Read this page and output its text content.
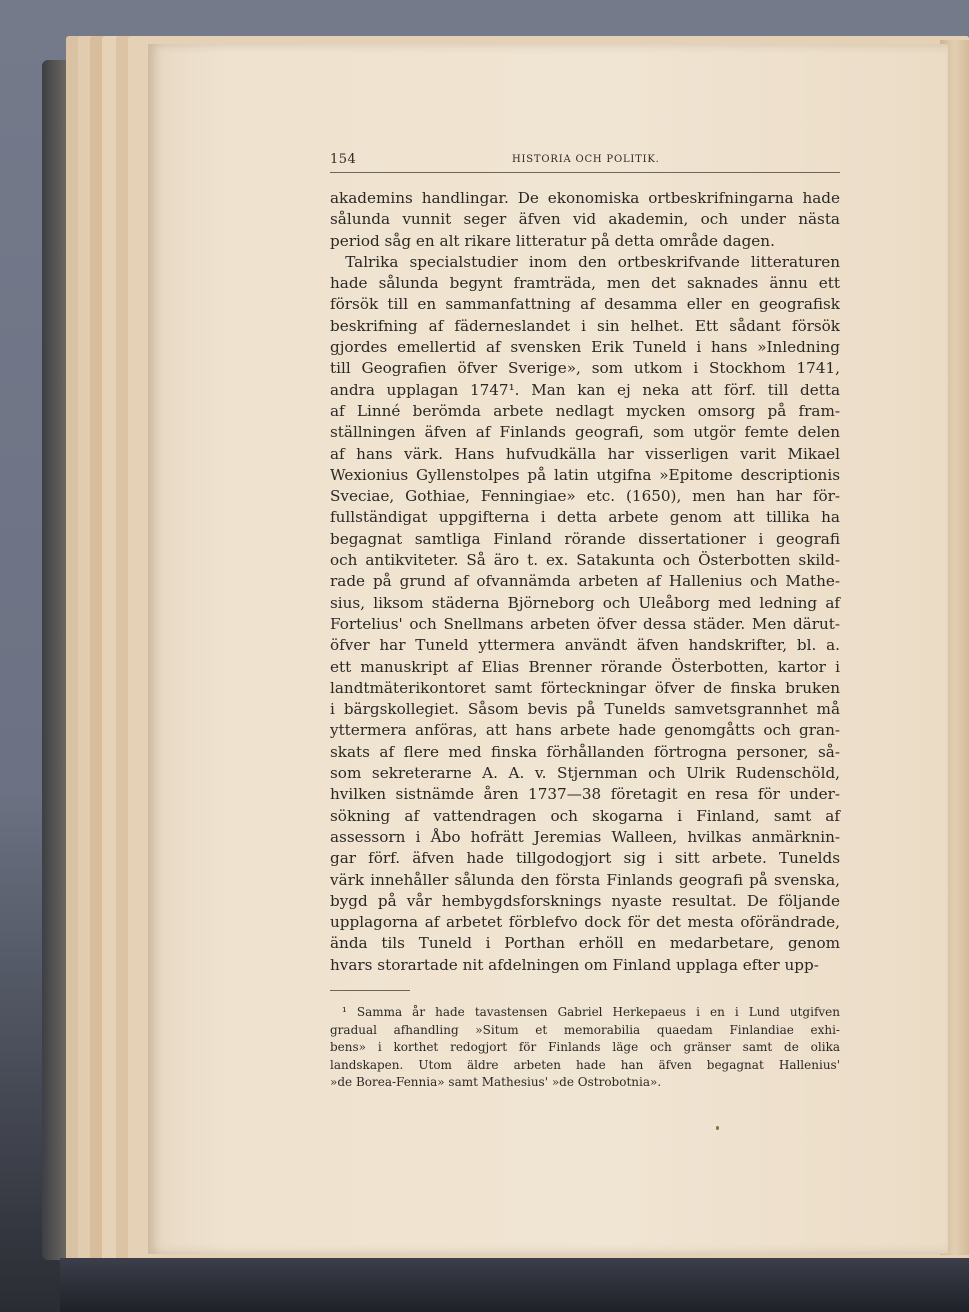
154	HISTORIA OCH POLITIK.
akademins handlingar. De ekonomiska ortbeskrifningarna hade
sålunda vunnit seger äfven vid akademin, och under nästa
period såg en alt rikare litteratur på detta område dagen.
 Talrika specialstudier inom den ortbeskrifvande litteraturen
hade sålunda begynt framträda, men det saknades ännu ett
försök till en sammanfattning af desamma eller en geografisk
beskrifning af fäderneslandet i sin helhet. Ett sådant försök
gjordes emellertid af svensken Erik Tuneld i hans »Inledning
till Geografien öfver Sverige», som utkom i Stockhom 1741,
andra upplagan 1747¹. Man kan ej neka att förf. till detta
af Linné berömda arbete nedlagt mycken omsorg på fram-
ställningen äfven af Finlands geografi, som utgör femte delen
af hans värk. Hans hufvudkälla har visserligen varit Mikael
Wexionius Gyllenstolpes på latin utgifna »Epitome descriptionis
Sveciae, Gothiae, Fenningiae» etc. (1650), men han har för-
fullständigat uppgifterna i detta arbete genom att tillika ha
begagnat samtliga Finland rörande dissertationer i geografi
och antikviteter. Så äro t. ex. Satakunta och Österbotten skild-
rade på grund af ofvannämda arbeten af Hallenius och Mathe-
sius, liksom städerna Björneborg och Uleåborg med ledning af
Fortelius' och Snellmans arbeten öfver dessa städer. Men därut-
öfver har Tuneld yttermera användt äfven handskrifter, bl. a.
ett manuskript af Elias Brenner rörande Österbotten, kartor i
landtmäterikontoret samt förteckningar öfver de finska bruken
i bärgskollegiet. Såsom bevis på Tunelds samvetsgrannhet må
yttermera anföras, att hans arbete hade genomgåtts och gran-
skats af flere med finska förhållanden förtrogna personer, så-
som sekreterarne A. A. v. Stjernman och Ulrik Rudenschöld,
hvilken sistnämde åren 1737—38 företagit en resa för under-
sökning af vattendragen och skogarna i Finland, samt af
assessorn i Åbo hofrätt Jeremias Walleen, hvilkas anmärknin-
gar förf. äfven hade tillgodogjort sig i sitt arbete. Tunelds
värk innehåller sålunda den första Finlands geografi på svenska,
bygd på vår hembygdsforsknings nyaste resultat. De följande
upplagorna af arbetet förblefvo dock för det mesta oförändrade,
ända tils Tuneld i Porthan erhöll en medarbetare, genom
hvars storartade nit afdelningen om Finland upplaga efter upp-
 ¹ Samma år hade tavastensen Gabriel Herkepaeus i en i Lund utgifven
gradual afhandling »Situm et memorabilia quaedam Finlandiae exhi-
bens» i korthet redogjort för Finlands läge och gränser samt de olika
landskapen. Utom äldre arbeten hade han äfven begagnat Hallenius'
»de Borea-Fennia» samt Mathesius' »de Ostrobotnia».
